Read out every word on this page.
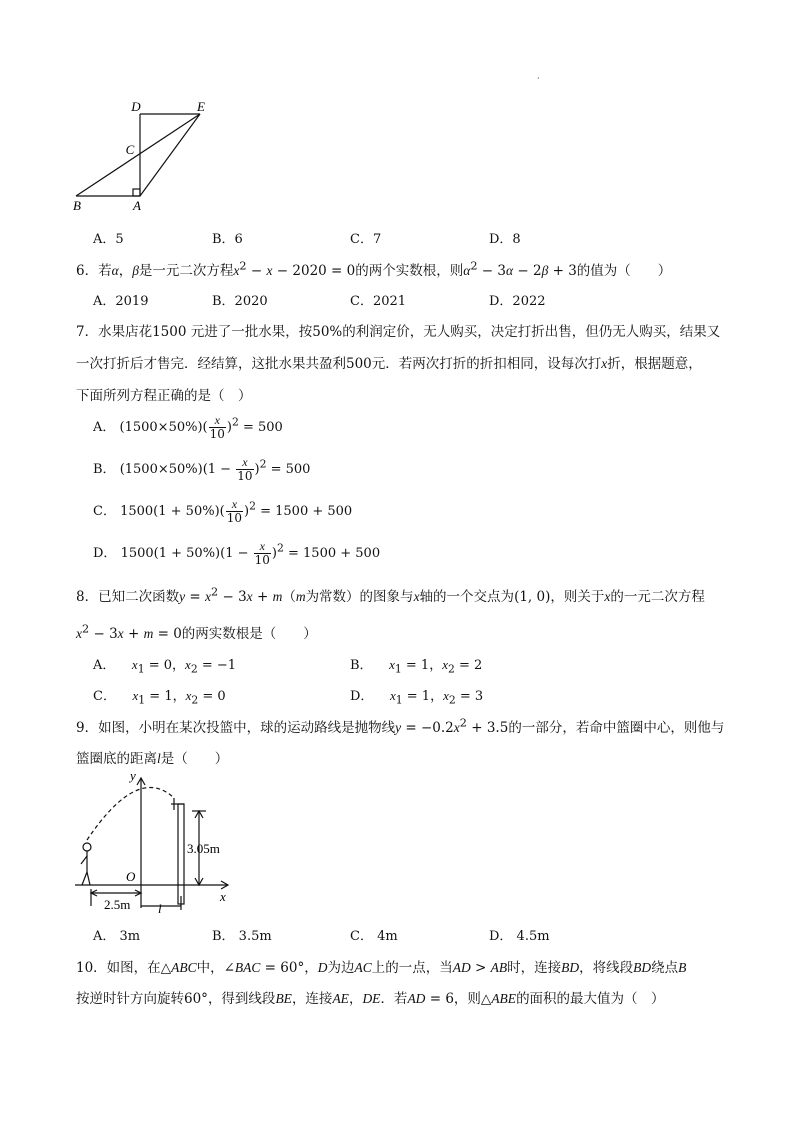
·
D	E
C
B	A
A．5	B．6	C．7	D．8
6．若α，β是一元二次方程$x^2 - x - 2020 = 0$的两个实数根，则$\alpha^2 - 3\alpha - 2\beta + 3$的值为（　　）
A．2019	B．2020	C．2021	D．2022
7．水果店花1500 元进了一批水果，按50%的利润定价，无人购买，决定打折出售，但仍无人购买，结果又
一次打折后才售完．经结算，这批水果共盈利500元．若两次打折的折扣相同，设每次打x折，根据题意，
下面所列方程正确的是（　）
A． $(1500\times 50\%)( \frac{x}{10} )^2 = 500$
B． $(1500\times 50\%)(1 - \frac{x}{10} )^2 = 500$
C． $1500(1 + 50\%)( \frac{x}{10} )^2 = 1500 + 500$
D． $1500(1 + 50\%)(1 - \frac{x}{10} )^2 = 1500 + 500$
8．已知二次函数$y = x^2 - 3x + m(m$为常数）的图象与x轴的一个交点为(1, 0)，则关于x的一元二次方程
$x^2 - 3x + m = 0$的两实数根是（　　）
A． $x_1 = 0$，$x_2 = -1$	B． $x_1 = 1$，$x_2 = 2$
C． $x_1 = 1$，$x_2 = 0$	D． $x_1 = 1$，$x_2 = 3$
9．如图，小明在某次投篮中，球的运动路线是抛物线$y = -0.2x^2 + 3.5$的一部分，若命中篮圈中心，则他与
篮圈底的距离l是（　　）
y
x
O
3.05m
2.5m l
A． 3m	B． 3.5m	C． 4m	D． 4.5m
10．如图，在△ABC中，∠BAC = 60°，D为边AC上的一点，当AD > AB时，连接BD，将线段BD绕点B
按逆时针方向旋转60°，得到线段BE，连接AE，DE．若AD = 6，则△ABE的面积的最大值为（　）
